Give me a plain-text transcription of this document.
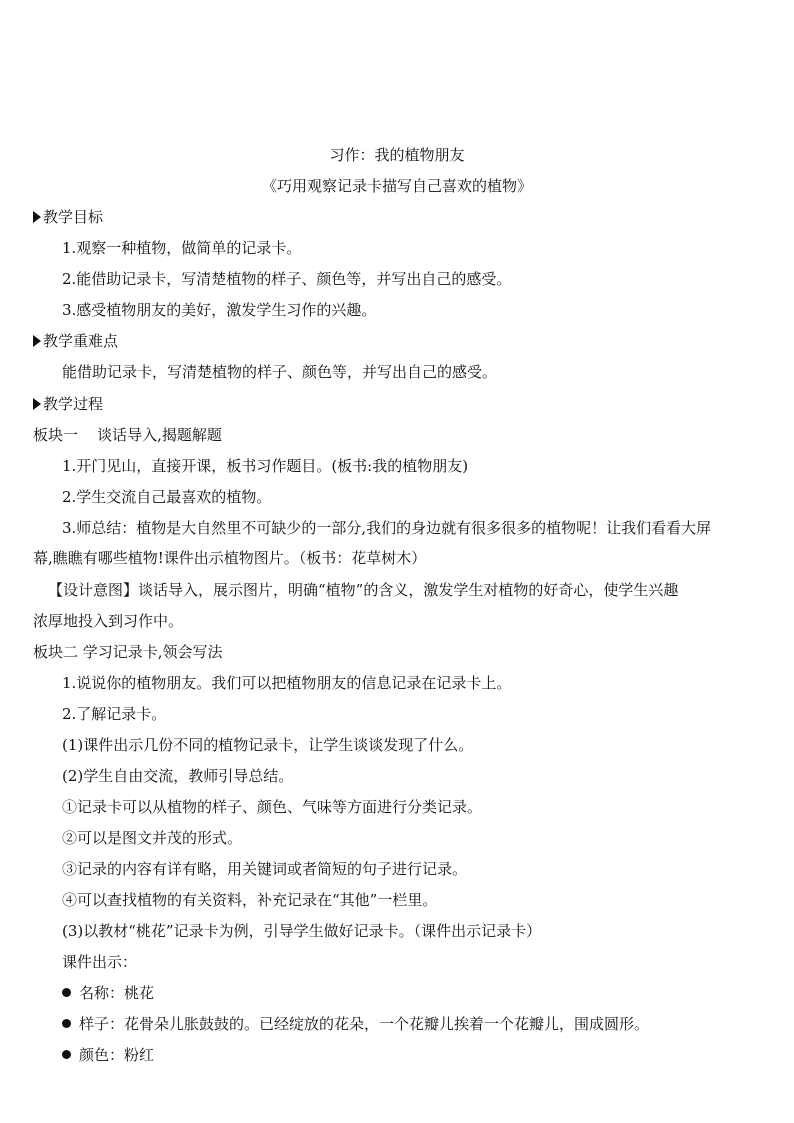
习作：我的植物朋友
《巧用观察记录卡描写自己喜欢的植物》
教学目标
1.观察一种植物，做简单的记录卡。
2.能借助记录卡，写清楚植物的样子、颜色等，并写出自己的感受。
3.感受植物朋友的美好，激发学生习作的兴趣。
教学重难点
能借助记录卡，写清楚植物的样子、颜色等，并写出自己的感受。
教学过程
板块一    谈话导入,揭题解题
1.开门见山，直接开课，板书习作题目。(板书:我的植物朋友)
2.学生交流自己最喜欢的植物。
3.师总结：植物是大自然里不可缺少的一部分,我们的身边就有很多很多的植物呢！让我们看看大屏
幕,瞧瞧有哪些植物!课件出示植物图片。（板书：花草树木）
【设计意图】谈话导入，展示图片，明确“植物”的含义，激发学生对植物的好奇心，使学生兴趣
浓厚地投入到习作中。
板块二 学习记录卡,领会写法
1.说说你的植物朋友。我们可以把植物朋友的信息记录在记录卡上。
2.了解记录卡。
(1)课件出示几份不同的植物记录卡，让学生谈谈发现了什么。
(2)学生自由交流，教师引导总结。
①记录卡可以从植物的样子、颜色、气味等方面进行分类记录。
②可以是图文并茂的形式。
③记录的内容有详有略，用关键词或者简短的句子进行记录。
④可以查找植物的有关资料，补充记录在“其他”一栏里。
(3)以教材“桃花”记录卡为例，引导学生做好记录卡。（课件出示记录卡）
课件出示：
名称：桃花
样子：花骨朵儿胀鼓鼓的。已经绽放的花朵，一个花瓣儿挨着一个花瓣儿，围成圆形。
颜色：粉红
